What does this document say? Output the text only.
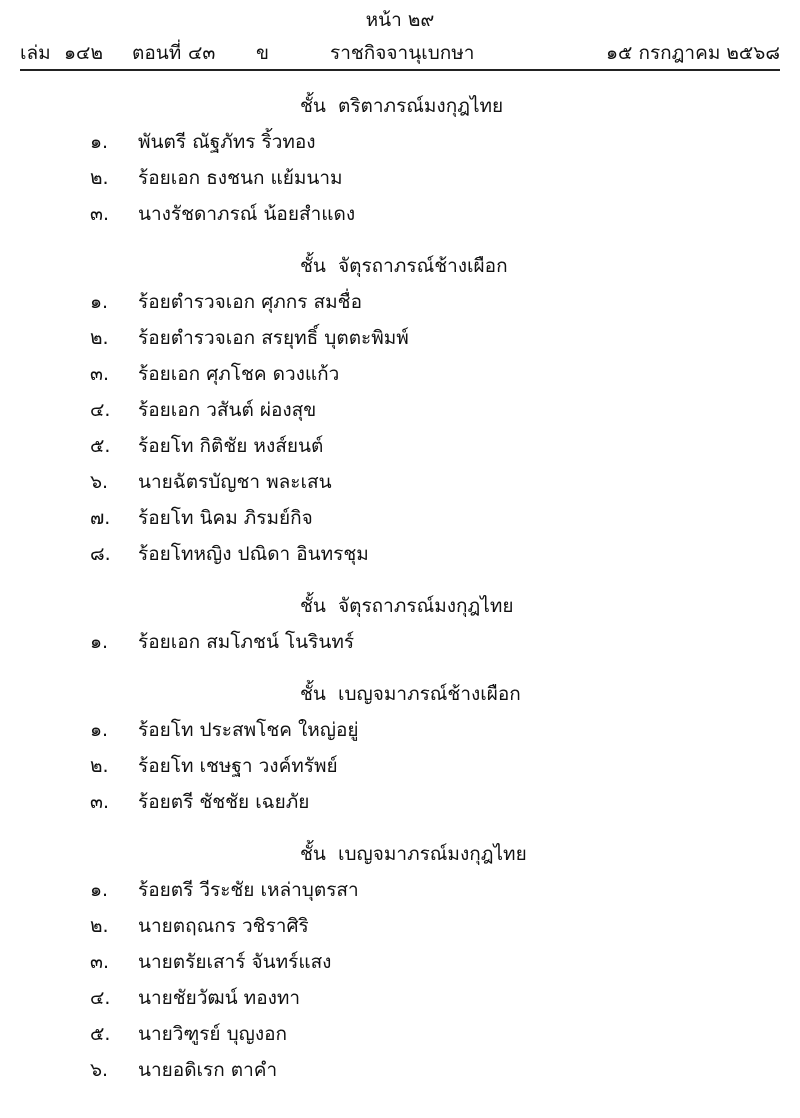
หน้า ๒๙
เล่ม ๑๔๒ ตอนที่ ๔๓ ข	ราชกิจจานุเบกษา	๑๕ กรกฎาคม ๒๕๖๘
ชั้น ตริตาภรณ์มงกุฎไทย
๑. พันตรี ณัฐภัทร ริ้วทอง
๒. ร้อยเอก ธงชนก แย้มนาม
๓. นางรัชดาภรณ์ น้อยสำแดง
ชั้น จัตุรถาภรณ์ช้างเผือก
๑. ร้อยตำรวจเอก ศุภกร สมชื่อ
๒. ร้อยตำรวจเอก สรยุทธิ์ บุตตะพิมพ์
๓. ร้อยเอก ศุภโชค ดวงแก้ว
๔. ร้อยเอก วสันต์ ผ่องสุข
๕. ร้อยโท กิติชัย หงส์ยนต์
๖. นายฉัตรบัญชา พละเสน
๗. ร้อยโท นิคม ภิรมย์กิจ
๘. ร้อยโทหญิง ปณิดา อินทรชุม
ชั้น จัตุรถาภรณ์มงกุฎไทย
๑. ร้อยเอก สมโภชน์ โนรินทร์
ชั้น เบญจมาภรณ์ช้างเผือก
๑. ร้อยโท ประสพโชค ใหญ่อยู่
๒. ร้อยโท เชษฐา วงค์ทรัพย์
๓. ร้อยตรี ชัชชัย เฉยภัย
ชั้น เบญจมาภรณ์มงกุฎไทย
๑. ร้อยตรี วีระชัย เหล่าบุตรสา
๒. นายตฤณกร วชิราศิริ
๓. นายตรัยเสาร์ จันทร์แสง
๔. นายชัยวัฒน์ ทองทา
๕. นายวิฑูรย์ บุญงอก
๖. นายอดิเรก ตาคำ
